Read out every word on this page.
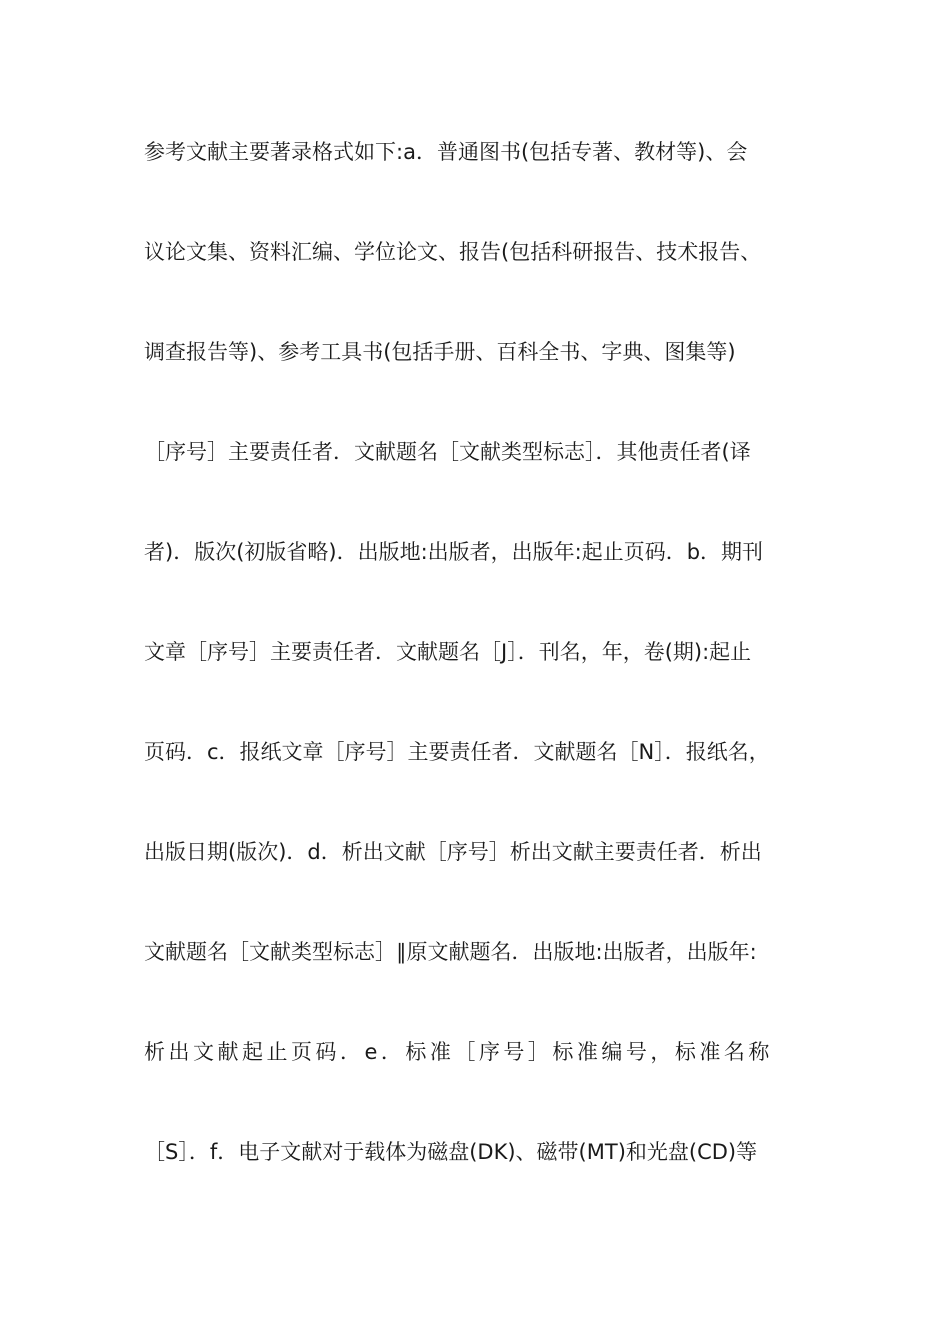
参考文献主要著录格式如下:a．普通图书(包括专著、教材等)、会
议论文集、资料汇编、学位论文、报告(包括科研报告、技术报告、
调查报告等)、参考工具书(包括手册、百科全书、字典、图集等)
［序号］主要责任者．文献题名［文献类型标志］．其他责任者(译
者)．版次(初版省略)．出版地:出版者，出版年:起止页码．b．期刊
文章［序号］主要责任者．文献题名［J］．刊名，年，卷(期):起止
页码．c．报纸文章［序号］主要责任者．文献题名［N］．报纸名，
出版日期(版次)．d．析出文献［序号］析出文献主要责任者．析出
文献题名［文献类型标志］∥原文献题名．出版地:出版者，出版年:
析出文献起止页码．e．标准［序号］标准编号，标准名称
［S］．f．电子文献对于载体为磁盘(DK)、磁带(MT)和光盘(CD)等
